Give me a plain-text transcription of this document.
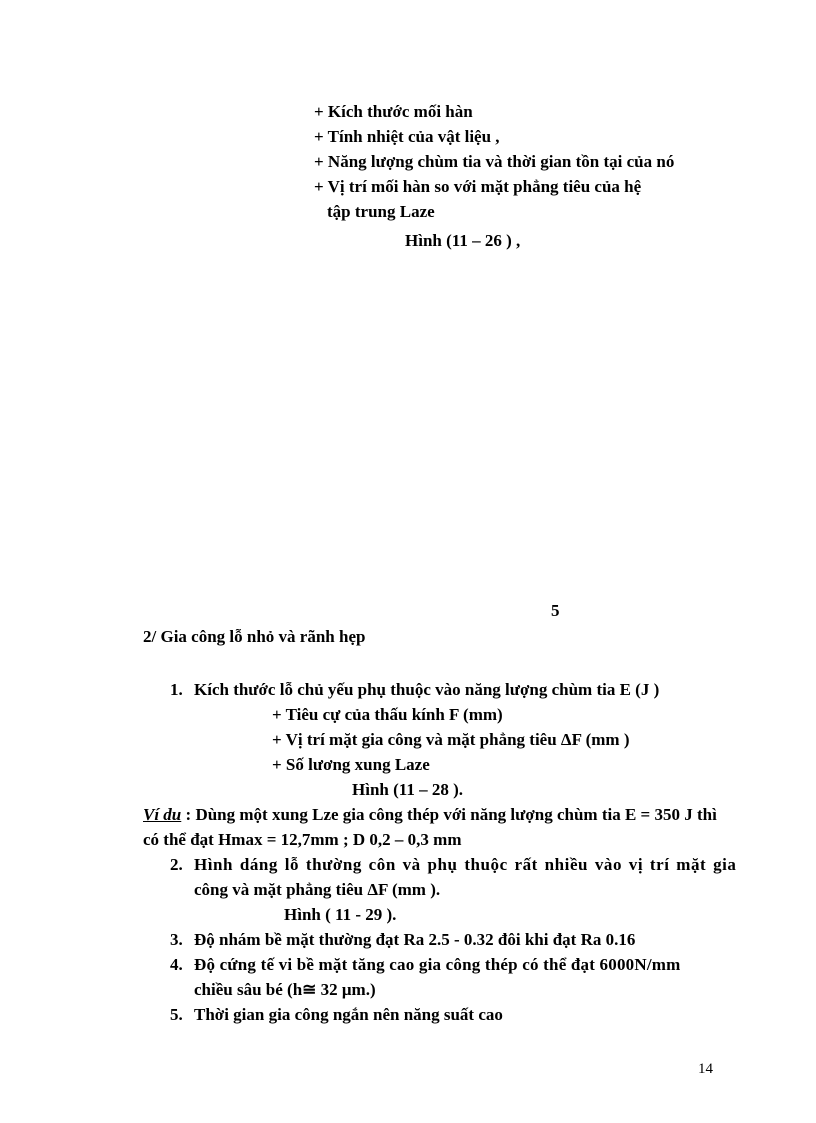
+ Kích thước mối hàn
+ Tính nhiệt của vật liệu ,
+ Năng lượng chùm tia và thời gian tồn tại của nó
+ Vị trí mối hàn so với mặt phẳng tiêu của hệ
tập trung Laze
Hình (11 – 26 ) ,
5
2/ Gia công lỗ nhỏ và rãnh hẹp
1. Kích thước lỗ chủ yếu phụ thuộc vào năng lượng chùm tia E (J )
+ Tiêu cự của thấu kính F (mm)
+ Vị trí mặt gia công và mặt phẳng tiêu ΔF (mm )
+ Số lương xung Laze
Hình (11 – 28 ).
Ví du : Dùng một xung Lze gia công thép với năng lượng chùm tia E = 350 J thì
có thể đạt Hmax = 12,7mm ; D 0,2 – 0,3 mm
2. Hình dáng lỗ thường côn và phụ thuộc rất nhiều vào vị trí mặt gia
công và mặt phẳng tiêu ΔF (mm ).
Hình ( 11 - 29 ).
3. Độ nhám bề mặt thường đạt Ra 2.5 - 0.32 đôi khi đạt Ra 0.16
4. Độ cứng tế vi bề mặt tăng cao gia công thép có thể đạt 6000N/mm
chiều sâu bé (h≅ 32 μm.)
5. Thời gian gia công ngắn nên năng suất cao
14
